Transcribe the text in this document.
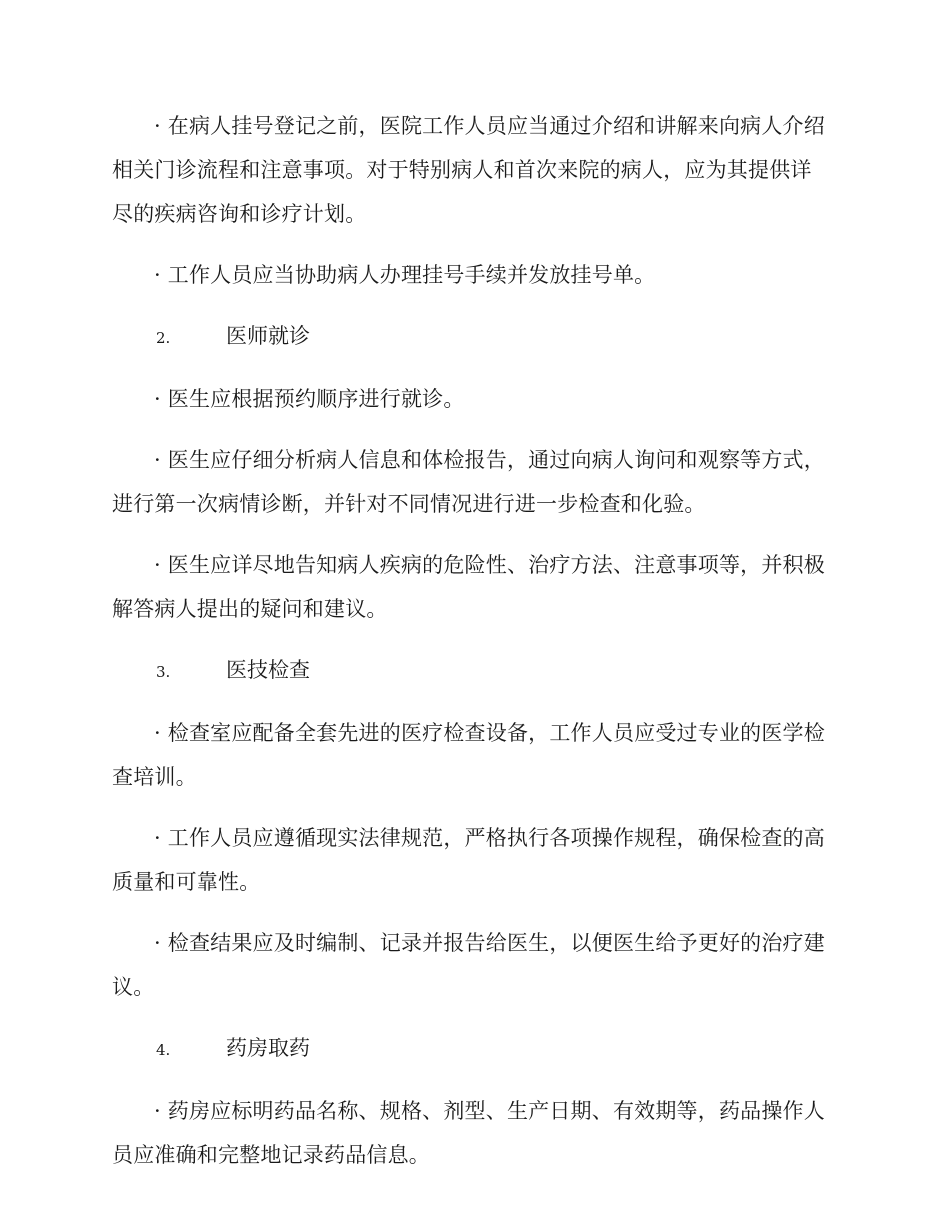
· 在病人挂号登记之前，医院工作人员应当通过介绍和讲解来向病人介绍相关门诊流程和注意事项。对于特别病人和首次来院的病人，应为其提供详尽的疾病咨询和诊疗计划。

· 工作人员应当协助病人办理挂号手续并发放挂号单。

2.	医师就诊

· 医生应根据预约顺序进行就诊。

· 医生应仔细分析病人信息和体检报告，通过向病人询问和观察等方式，进行第一次病情诊断，并针对不同情况进行进一步检查和化验。

· 医生应详尽地告知病人疾病的危险性、治疗方法、注意事项等，并积极解答病人提出的疑问和建议。

3.	医技检查

· 检查室应配备全套先进的医疗检查设备，工作人员应受过专业的医学检查培训。

· 工作人员应遵循现实法律规范，严格执行各项操作规程，确保检查的高质量和可靠性。

· 检查结果应及时编制、记录并报告给医生，以便医生给予更好的治疗建议。

4.	药房取药

· 药房应标明药品名称、规格、剂型、生产日期、有效期等，药品操作人员应准确和完整地记录药品信息。
